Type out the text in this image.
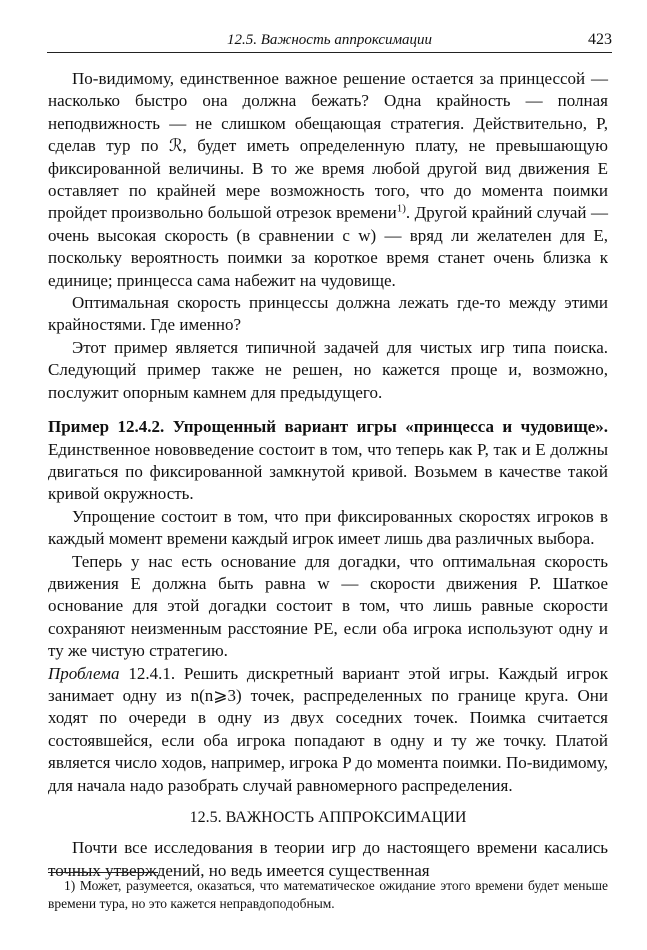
12.5. Важность аппроксимации	423

По-видимому, единственное важное решение остается за принцессой — насколько быстро она должна бежать? Одна крайность — полная неподвижность — не слишком обещающая стратегия. Действительно, P, сделав тур по ℛ, будет иметь определенную плату, не превышающую фиксированной величины. В то же время любой другой вид движения E оставляет по крайней мере возможность того, что до момента поимки пройдет произвольно большой отрезок времени$^{1)}$. Другой крайний случай — очень высокая скорость (в сравнении с w) — вряд ли желателен для E, поскольку вероятность поимки за короткое время станет очень близка к единице; принцесса сама набежит на чудовище.

Оптимальная скорость принцессы должна лежать где-то между этими крайностями. Где именно?

Этот пример является типичной задачей для чистых игр типа поиска. Следующий пример также не решен, но кажется проще и, возможно, послужит опорным камнем для предыдущего.

Пример 12.4.2. Упрощенный вариант игры «принцесса и чудовище». Единственное нововведение состоит в том, что теперь как P, так и E должны двигаться по фиксированной замкнутой кривой. Возьмем в качестве такой кривой окружность.

Упрощение состоит в том, что при фиксированных скоростях игроков в каждый момент времени каждый игрок имеет лишь два различных выбора.

Теперь у нас есть основание для догадки, что оптимальная скорость движения E должна быть равна w — скорости движения P. Шаткое основание для этой догадки состоит в том, что лишь равные скорости сохраняют неизменным расстояние PE, если оба игрока используют одну и ту же чистую стратегию.

Проблема 12.4.1. Решить дискретный вариант этой игры. Каждый игрок занимает одну из n(n⩾3) точек, распределенных по границе круга. Они ходят по очереди в одну из двух соседних точек. Поимка считается состоявшейся, если оба игрока попадают в одну и ту же точку. Платой является число ходов, например, игрока P до момента поимки. По-видимому, для начала надо разобрать случай равномерного распределения.

12.5. ВАЖНОСТЬ АППРОКСИМАЦИИ

Почти все исследования в теории игр до настоящего времени касались точных утверждений, но ведь имеется существенная

1) Может, разумеется, оказаться, что математическое ожидание этого времени будет меньше времени тура, но это кажется неправдоподобным.
